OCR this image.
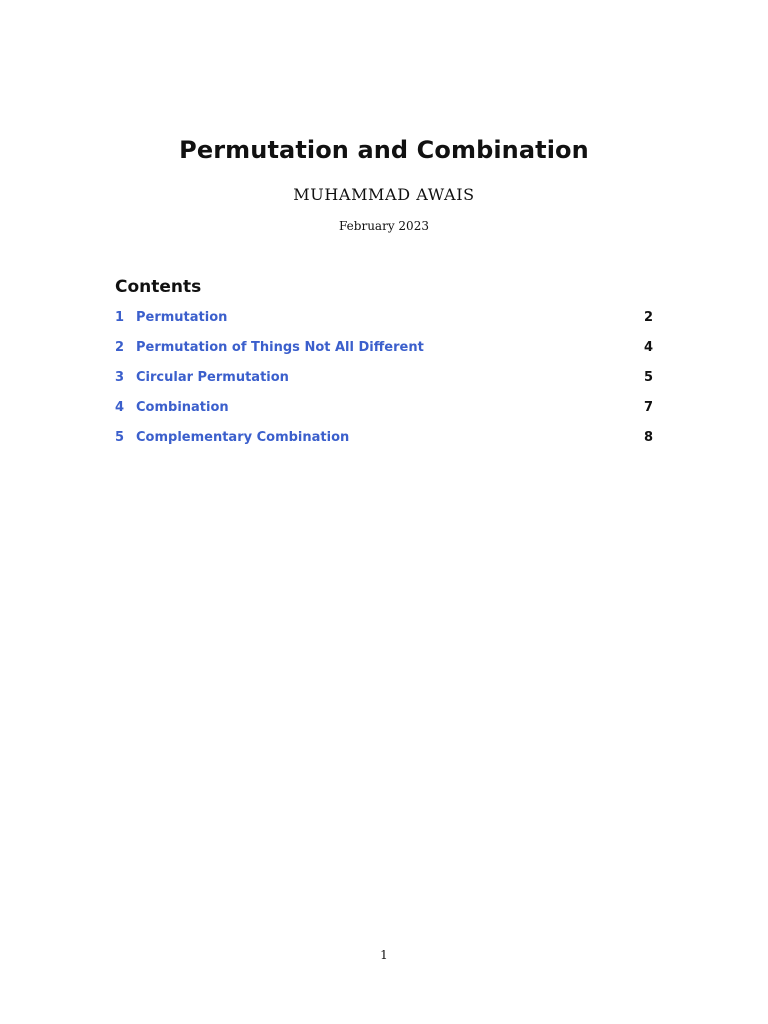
Permutation and Combination
MUHAMMAD AWAIS
February 2023
Contents
1 Permutation	2
2 Permutation of Things Not All Different	4
3 Circular Permutation	5
4 Combination	7
5 Complementary Combination	8
1
